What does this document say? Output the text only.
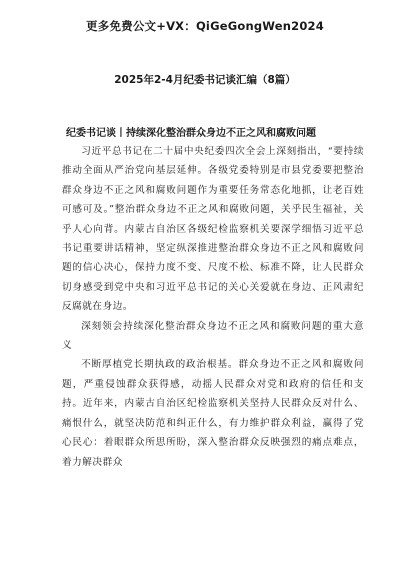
更多免费公文+VX：QiGeGongWen2024
2025年2-4月纪委书记谈汇编（8篇）
纪委书记谈丨持续深化整治群众身边不正之风和腐败问题

习近平总书记在二十届中央纪委四次全会上深刻指出，“要持续推动全面从严治党向基层延伸。各级党委特别是市县党委要把整治群众身边不正之风和腐败问题作为重要任务常态化地抓，让老百姓可感可及。”整治群众身边不正之风和腐败问题，关乎民生福祉，关乎人心向背。内蒙古自治区各级纪检监察机关要深学细悟习近平总书记重要讲话精神，坚定纵深推进整治群众身边不正之风和腐败问题的信心决心，保持力度不变、尺度不松、标准不降，让人民群众切身感受到党中央和习近平总书记的关心关爱就在身边、正风肃纪反腐就在身边。

深刻领会持续深化整治群众身边不正之风和腐败问题的重大意义

不断厚植党长期执政的政治根基。群众身边不正之风和腐败问题，严重侵蚀群众获得感，动摇人民群众对党和政府的信任和支持。近年来，内蒙古自治区纪检监察机关坚持人民群众反对什么、痛恨什么，就坚决防范和纠正什么，有力维护群众利益，赢得了党心民心：着眼群众所思所盼，深入整治群众反映强烈的痛点难点，着力解决群众
